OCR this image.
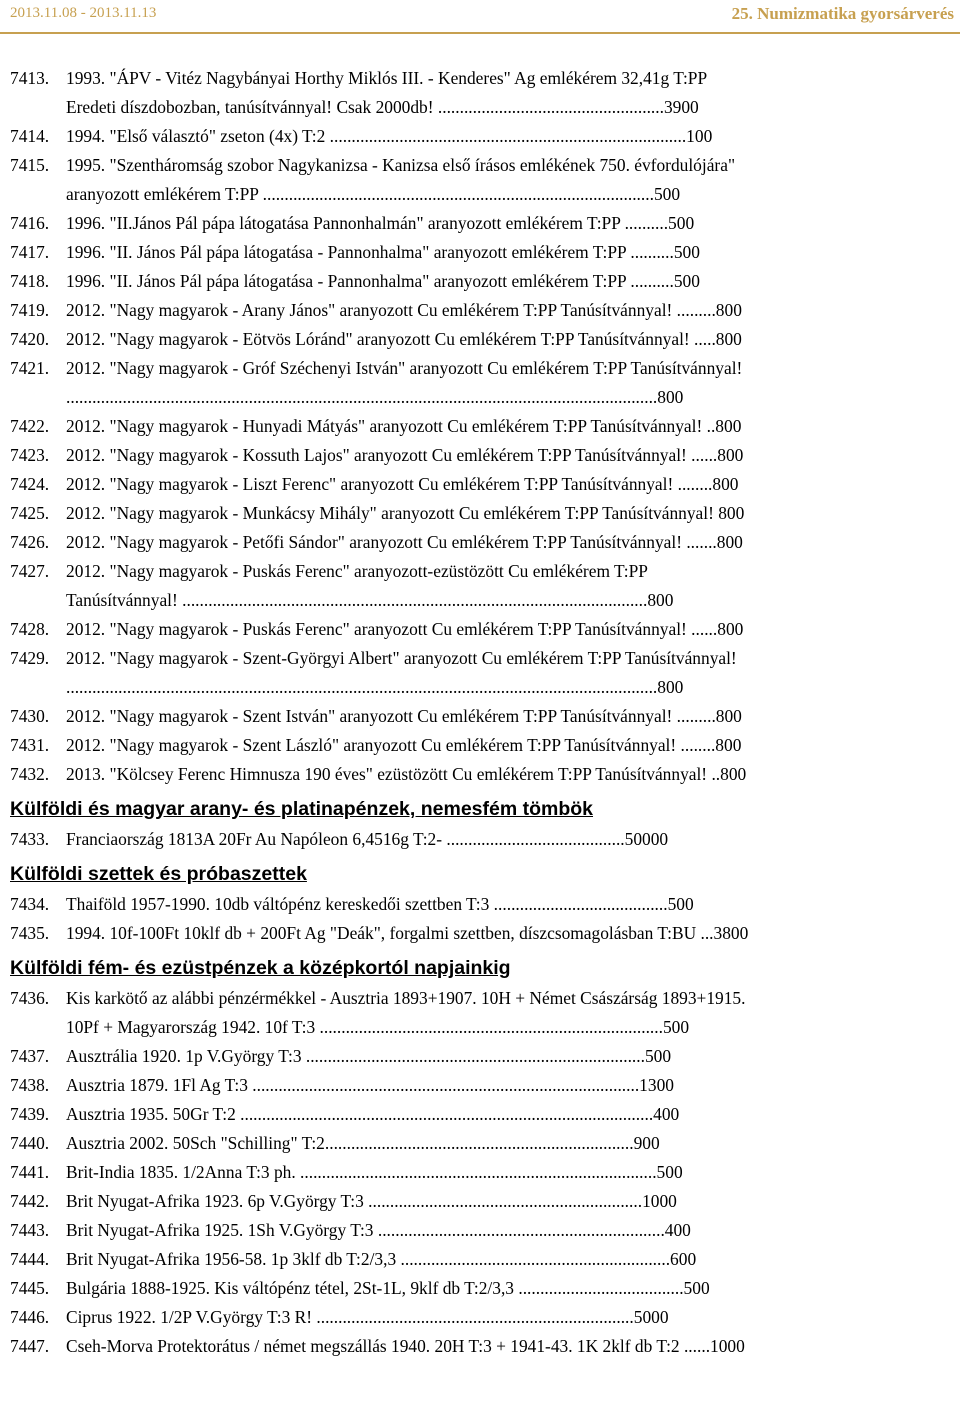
2013.11.08 - 2013.11.13	25. Numizmatika gyorsárverés
7413. 1993. "ÁPV - Vitéz Nagybányai Horthy Miklós III. - Kenderes" Ag emlékérem 32,41g T:PP
Eredeti díszdobozban, tanúsítvánnyal! Csak 2000db! ....................................................3900
7414. 1994. "Első választó" zseton (4x) T:2 ..................................................................................100
7415. 1995. "Szentháromság szobor Nagykanizsa - Kanizsa első írásos emlékének 750. évfordulójára"
aranyozott emlékérem T:PP ..........................................................................................500
7416. 1996. "II.János Pál pápa látogatása Pannonhalmán" aranyozott emlékérem T:PP ..........500
7417. 1996. "II. János Pál pápa látogatása - Pannonhalma" aranyozott emlékérem T:PP ..........500
7418. 1996. "II. János Pál pápa látogatása - Pannonhalma" aranyozott emlékérem T:PP ..........500
7419. 2012. "Nagy magyarok - Arany János" aranyozott Cu emlékérem T:PP Tanúsítvánnyal! .........800
7420. 2012. "Nagy magyarok - Eötvös Lóránd" aranyozott Cu emlékérem T:PP Tanúsítvánnyal! .....800
7421. 2012. "Nagy magyarok - Gróf Széchenyi István" aranyozott Cu emlékérem T:PP Tanúsítvánnyal!
........................................................................................................................................800
7422. 2012. "Nagy magyarok - Hunyadi Mátyás" aranyozott Cu emlékérem T:PP Tanúsítvánnyal! ..800
7423. 2012. "Nagy magyarok - Kossuth Lajos" aranyozott Cu emlékérem T:PP Tanúsítvánnyal! ......800
7424. 2012. "Nagy magyarok - Liszt Ferenc" aranyozott Cu emlékérem T:PP Tanúsítvánnyal! ........800
7425. 2012. "Nagy magyarok - Munkácsy Mihály" aranyozott Cu emlékérem T:PP Tanúsítvánnyal! 800
7426. 2012. "Nagy magyarok - Petőfi Sándor" aranyozott Cu emlékérem T:PP Tanúsítvánnyal! .......800
7427. 2012. "Nagy magyarok - Puskás Ferenc" aranyozott-ezüstözött Cu emlékérem T:PP
Tanúsítvánnyal! ...........................................................................................................800
7428. 2012. "Nagy magyarok - Puskás Ferenc" aranyozott Cu emlékérem T:PP Tanúsítvánnyal! ......800
7429. 2012. "Nagy magyarok - Szent-Györgyi Albert" aranyozott Cu emlékérem T:PP Tanúsítvánnyal!
........................................................................................................................................800
7430. 2012. "Nagy magyarok - Szent István" aranyozott Cu emlékérem T:PP Tanúsítvánnyal! .........800
7431. 2012. "Nagy magyarok - Szent László" aranyozott Cu emlékérem T:PP Tanúsítvánnyal! ........800
7432. 2013. "Kölcsey Ferenc Himnusza 190 éves" ezüstözött Cu emlékérem T:PP Tanúsítvánnyal! ..800
Külföldi és magyar arany- és platinapénzek, nemesfém tömbök
7433. Franciaország 1813A 20Fr Au Napóleon 6,4516g T:2- .........................................50000
Külföldi szettek és próbaszettek
7434. Thaiföld 1957-1990. 10db váltópénz kereskedői szettben T:3 ........................................500
7435. 1994. 10f-100Ft 10klf db + 200Ft Ag "Deák", forgalmi szettben, díszcsomagolásban T:BU ...3800
Külföldi fém- és ezüstpénzek a középkortól napjainkig
7436. Kis karkötő az alábbi pénzérmékkel - Ausztria 1893+1907. 10H + Német Császárság 1893+1915.
10Pf + Magyarország 1942. 10f T:3 ...............................................................................500
7437. Ausztrália 1920. 1p V.György T:3 ..............................................................................500
7438. Ausztria 1879. 1Fl Ag T:3 .........................................................................................1300
7439. Ausztria 1935. 50Gr T:2 ...............................................................................................400
7440. Ausztria 2002. 50Sch "Schilling" T:2.......................................................................900
7441. Brit-India 1835. 1/2Anna T:3 ph. ..................................................................................500
7442. Brit Nyugat-Afrika 1923. 6p V.György T:3 ...............................................................1000
7443. Brit Nyugat-Afrika 1925. 1Sh V.György T:3 ..................................................................400
7444. Brit Nyugat-Afrika 1956-58. 1p 3klf db T:2/3,3 ..............................................................600
7445. Bulgária 1888-1925. Kis váltópénz tétel, 2St-1L, 9klf db T:2/3,3 ......................................500
7446. Ciprus 1922. 1/2P V.György T:3 R! .........................................................................5000
7447. Cseh-Morva Protektorátus / német megszállás 1940. 20H T:3 + 1941-43. 1K 2klf db T:2 ......1000
